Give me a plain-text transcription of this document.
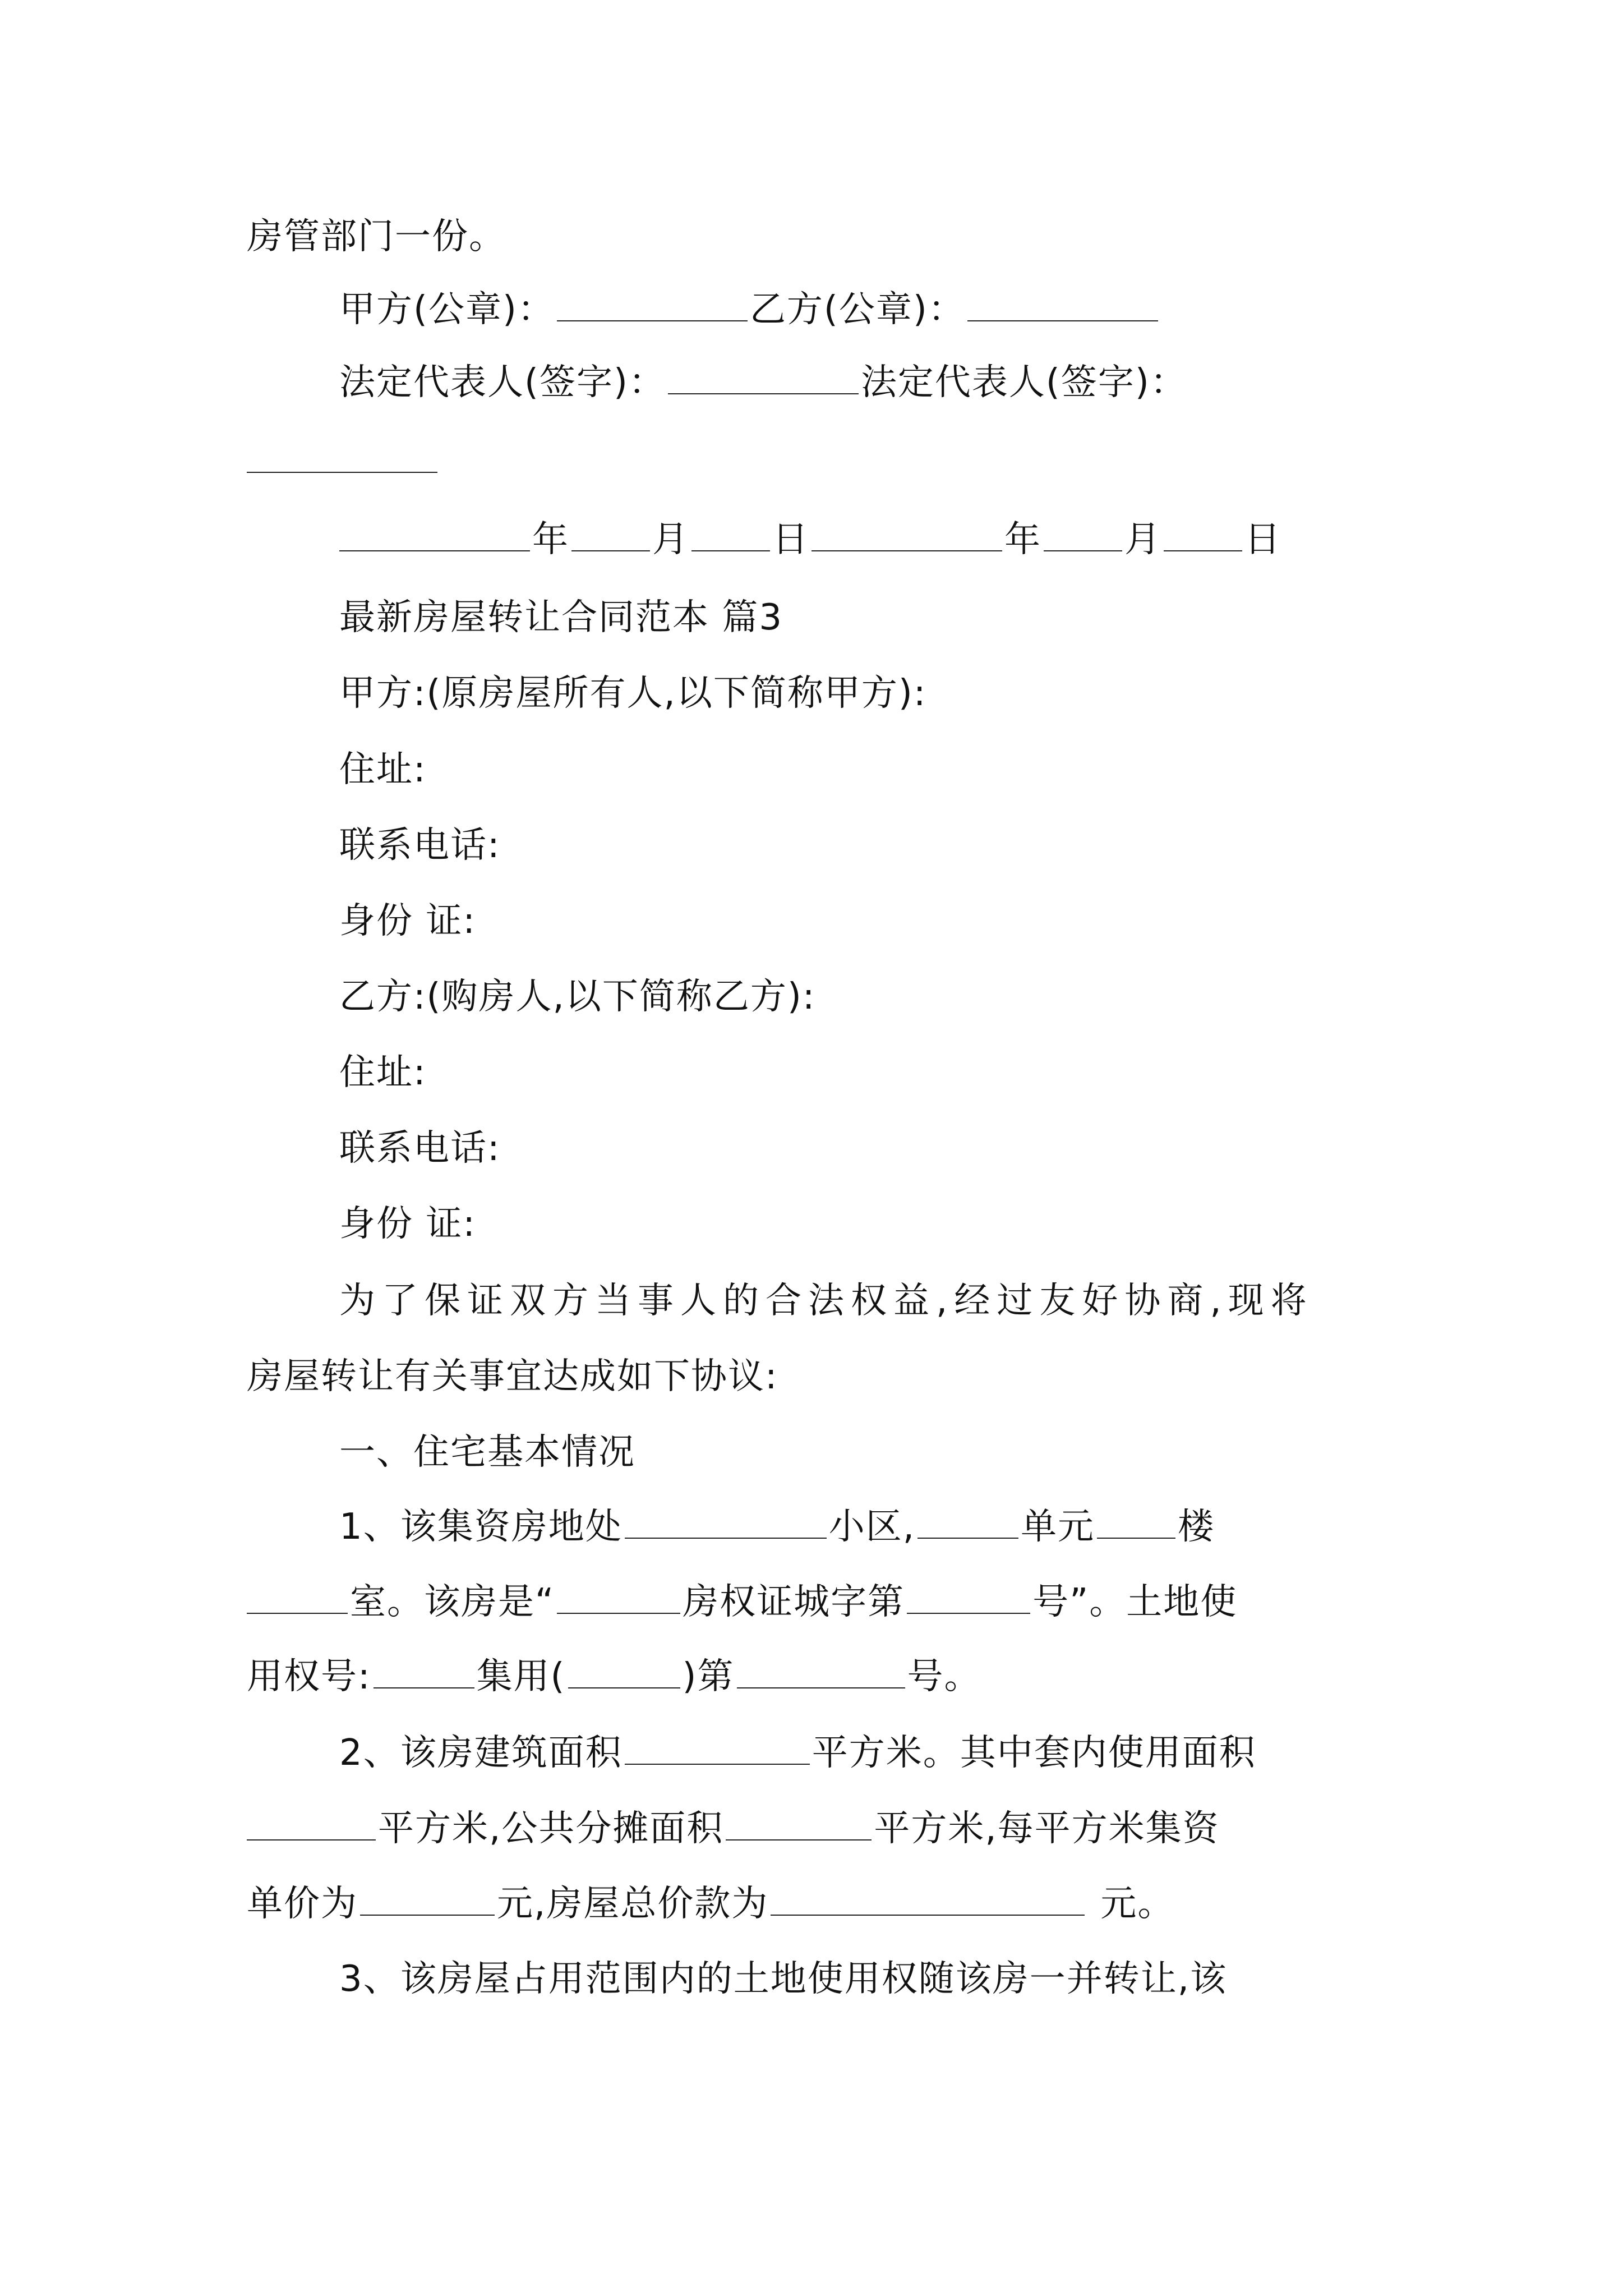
房管部门一份。
甲方(公章)：	乙方(公章)：
法定代表人(签字)：	法定代表人(签字)：
年 月 日	年 月 日
最新房屋转让合同范本 篇3
甲方:(原房屋所有人,以下简称甲方):
住址:
联系电话:
身份 证:
乙方:(购房人,以下简称乙方):
住址:
联系电话:
身份 证:
为了保证双方当事人的合法权益,经过友好协商,现将
房屋转让有关事宜达成如下协议:
一、住宅基本情况
1、该集资房地处	小区,	单元 楼
室。该房是“	房权证城字第	号”。土地使
用权号:	集用(	)第	号。
2、该房建筑面积	平方米。其中套内使用面积
平方米,公共分摊面积	平方米,每平方米集资
单价为	元,房屋总价款为	元。
3、该房屋占用范围内的土地使用权随该房一并转让,该
